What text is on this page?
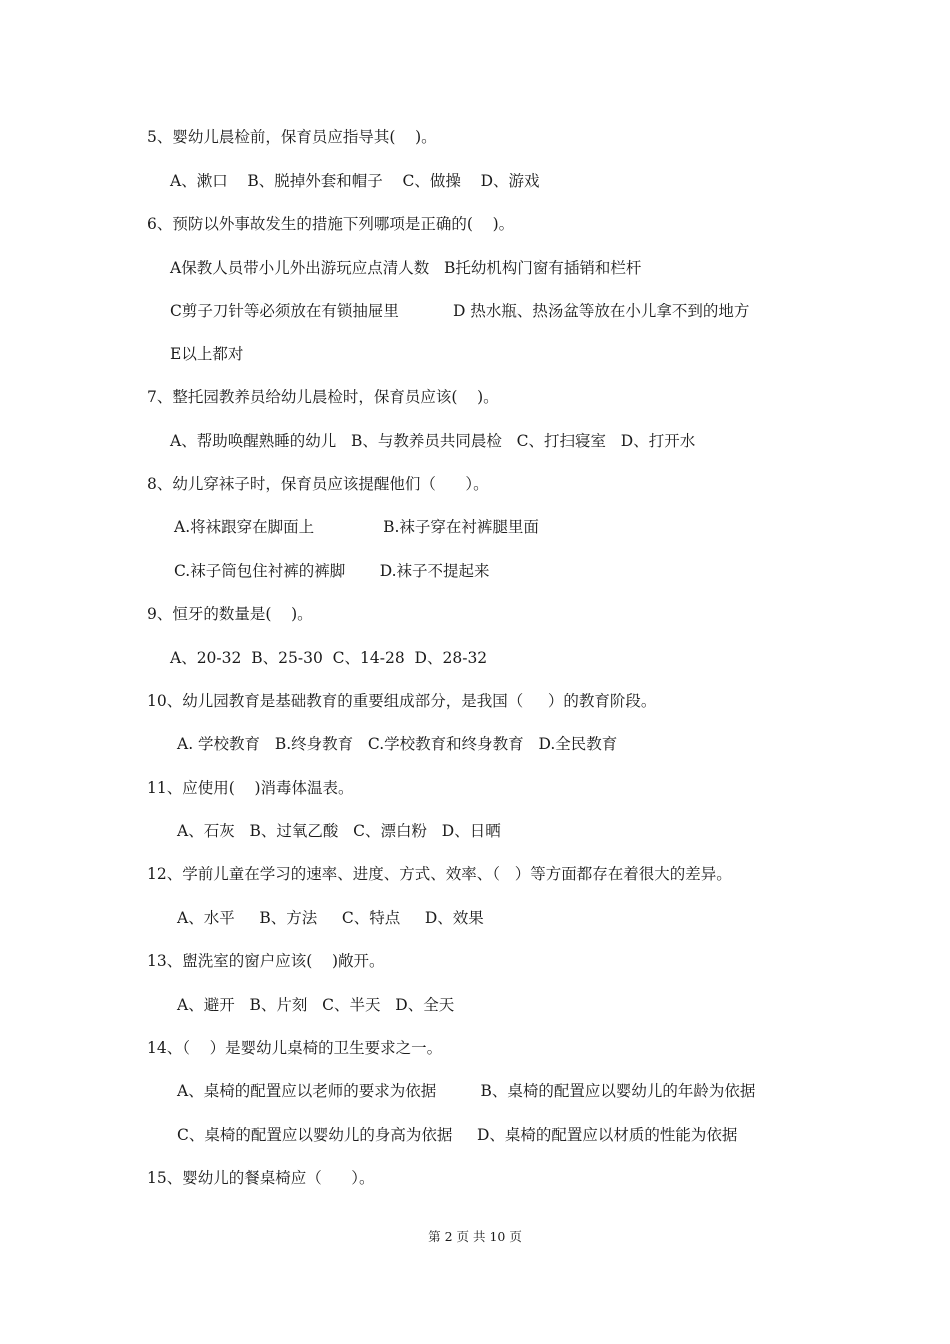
5、婴幼儿晨检前，保育员应指导其(    )。
A、漱口    B、脱掉外套和帽子    C、做操    D、游戏
6、预防以外事故发生的措施下列哪项是正确的(    )。
A保教人员带小儿外出游玩应点清人数   B托幼机构门窗有插销和栏杆
C剪子刀针等必须放在有锁抽屉里           D 热水瓶、热汤盆等放在小儿拿不到的地方
E以上都对
7、整托园教养员给幼儿晨检时，保育员应该(    )。
A、帮助唤醒熟睡的幼儿   B、与教养员共同晨检   C、打扫寝室   D、打开水
8、幼儿穿袜子时，保育员应该提醒他们（      ）。
A.将袜跟穿在脚面上              B.袜子穿在衬裤腿里面
C.袜子筒包住衬裤的裤脚       D.袜子不提起来
9、恒牙的数量是(    )。
A、20-32  B、25-30  C、14-28  D、28-32
10、幼儿园教育是基础教育的重要组成部分，是我国（     ）的教育阶段。
A. 学校教育   B.终身教育   C.学校教育和终身教育   D.全民教育
11、应使用(    )消毒体温表。
A、石灰   B、过氧乙酸   C、漂白粉   D、日晒
12、学前儿童在学习的速率、进度、方式、效率、（   ）等方面都存在着很大的差异。
A、水平     B、方法     C、特点     D、效果
13、盥洗室的窗户应该(    )敞开。
A、避开   B、片刻   C、半天   D、全天
14、（    ）是婴幼儿桌椅的卫生要求之一。
A、桌椅的配置应以老师的要求为依据         B、桌椅的配置应以婴幼儿的年龄为依据
C、桌椅的配置应以婴幼儿的身高为依据     D、桌椅的配置应以材质的性能为依据
15、婴幼儿的餐桌椅应（      ）。
第 2 页 共 10 页
